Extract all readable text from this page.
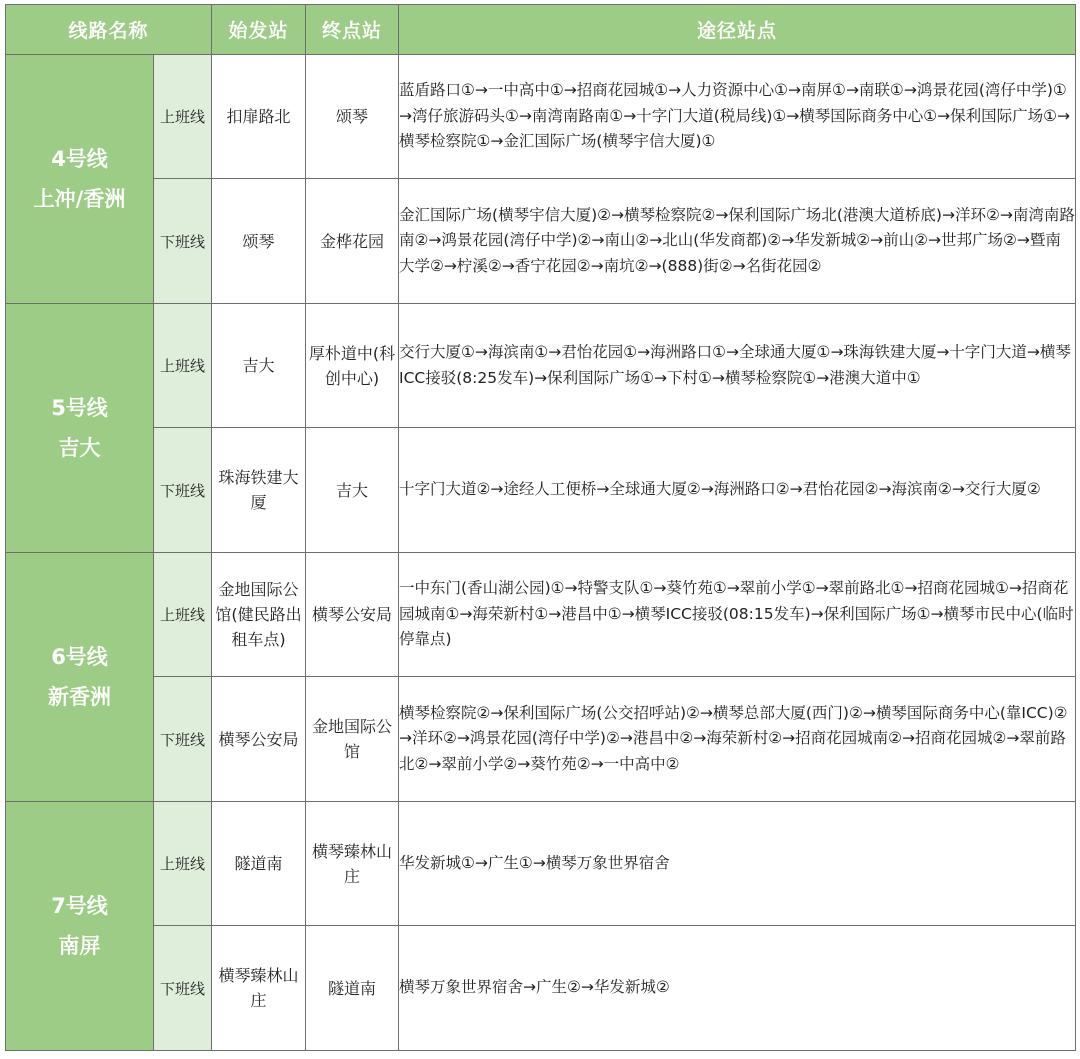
线路名称		始发站	终点站	途径站点

4号线
上冲/香洲	上班线	扣扉路北	颂琴	蓝盾路口①→一中高中①→招商花园城①→人力资源中心①→南屏①→南联①→鸿景花园(湾仔中学)①→湾仔旅游码头①→南湾南路南①→十字门大道(税局线)①→横琴国际商务中心①→保利国际广场①→横琴检察院①→金汇国际广场(横琴宇信大厦)①
	下班线	颂琴	金桦花园	金汇国际广场(横琴宇信大厦)②→横琴检察院②→保利国际广场北(港澳大道桥底)→洋环②→南湾南路南②→鸿景花园(湾仔中学)②→南山②→北山(华发商都)②→华发新城②→前山②→世邦广场②→暨南大学②→柠溪②→香宁花园②→南坑②→(888)街②→名街花园②

5号线
吉大	上班线	吉大	厚朴道中(科创中心)	交行大厦①→海滨南①→君怡花园①→海洲路口①→全球通大厦①→珠海铁建大厦→十字门大道→横琴ICC接驳(8:25发车)→保利国际广场①→下村①→横琴检察院①→港澳大道中①
	下班线	珠海铁建大厦	吉大	十字门大道②→途经人工便桥→全球通大厦②→海洲路口②→君怡花园②→海滨南②→交行大厦②

6号线
新香洲	上班线	金地国际公馆(健民路出租车点)	横琴公安局	一中东门(香山湖公园)①→特警支队①→葵竹苑①→翠前小学①→翠前路北①→招商花园城①→招商花园城南①→海荣新村①→港昌中①→横琴ICC接驳(08:15发车)→保利国际广场①→横琴市民中心(临时停靠点)
	下班线	横琴公安局	金地国际公馆	横琴检察院②→保利国际广场(公交招呼站)②→横琴总部大厦(西门)②→横琴国际商务中心(靠ICC)②→洋环②→鸿景花园(湾仔中学)②→港昌中②→海荣新村②→招商花园城南②→招商花园城②→翠前路北②→翠前小学②→葵竹苑②→一中高中②

7号线
南屏	上班线	隧道南	横琴臻林山庄	华发新城①→广生①→横琴万象世界宿舍
	下班线	横琴臻林山庄	隧道南	横琴万象世界宿舍→广生②→华发新城②
